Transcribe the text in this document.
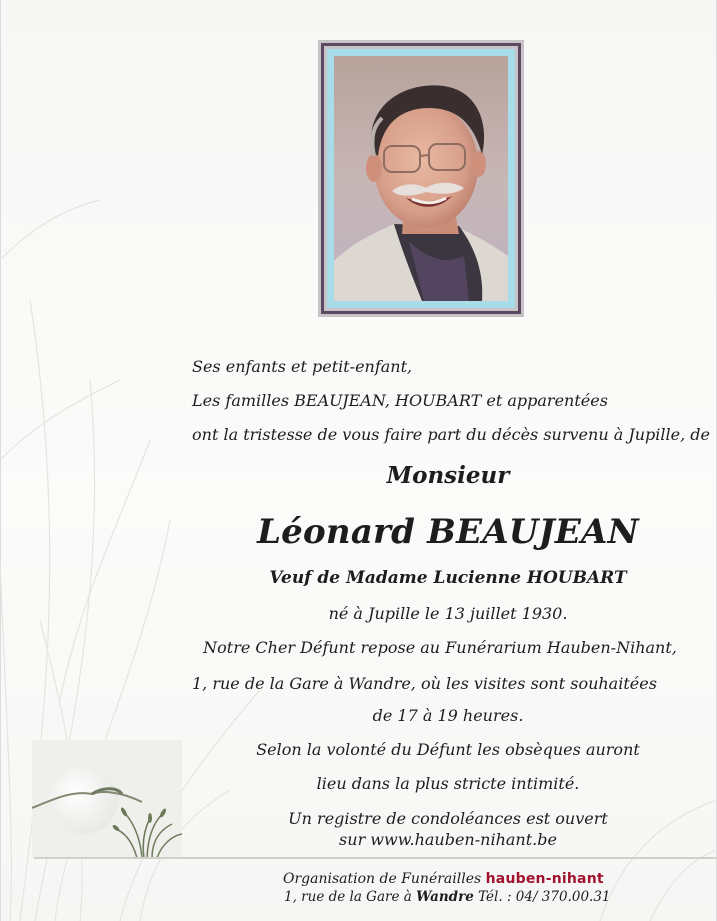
Ses enfants et petit-enfant,
Les familles BEAUJEAN, HOUBART et apparentées
ont la tristesse de vous faire part du décès survenu à Jupille, de
Monsieur
Léonard BEAUJEAN
Veuf de Madame Lucienne HOUBART
né à Jupille le 13 juillet 1930.
Notre Cher Défunt repose au Funérarium Hauben-Nihant,
1, rue de la Gare à Wandre, où les visites sont souhaitées
de 17 à 19 heures.
Selon la volonté du Défunt les obsèques auront
lieu dans la plus stricte intimité.
Un registre de condoléances est ouvert
sur www.hauben-nihant.be
Organisation de Funérailles hauben-nihant
1, rue de la Gare à Wandre Tél. : 04/ 370.00.31
